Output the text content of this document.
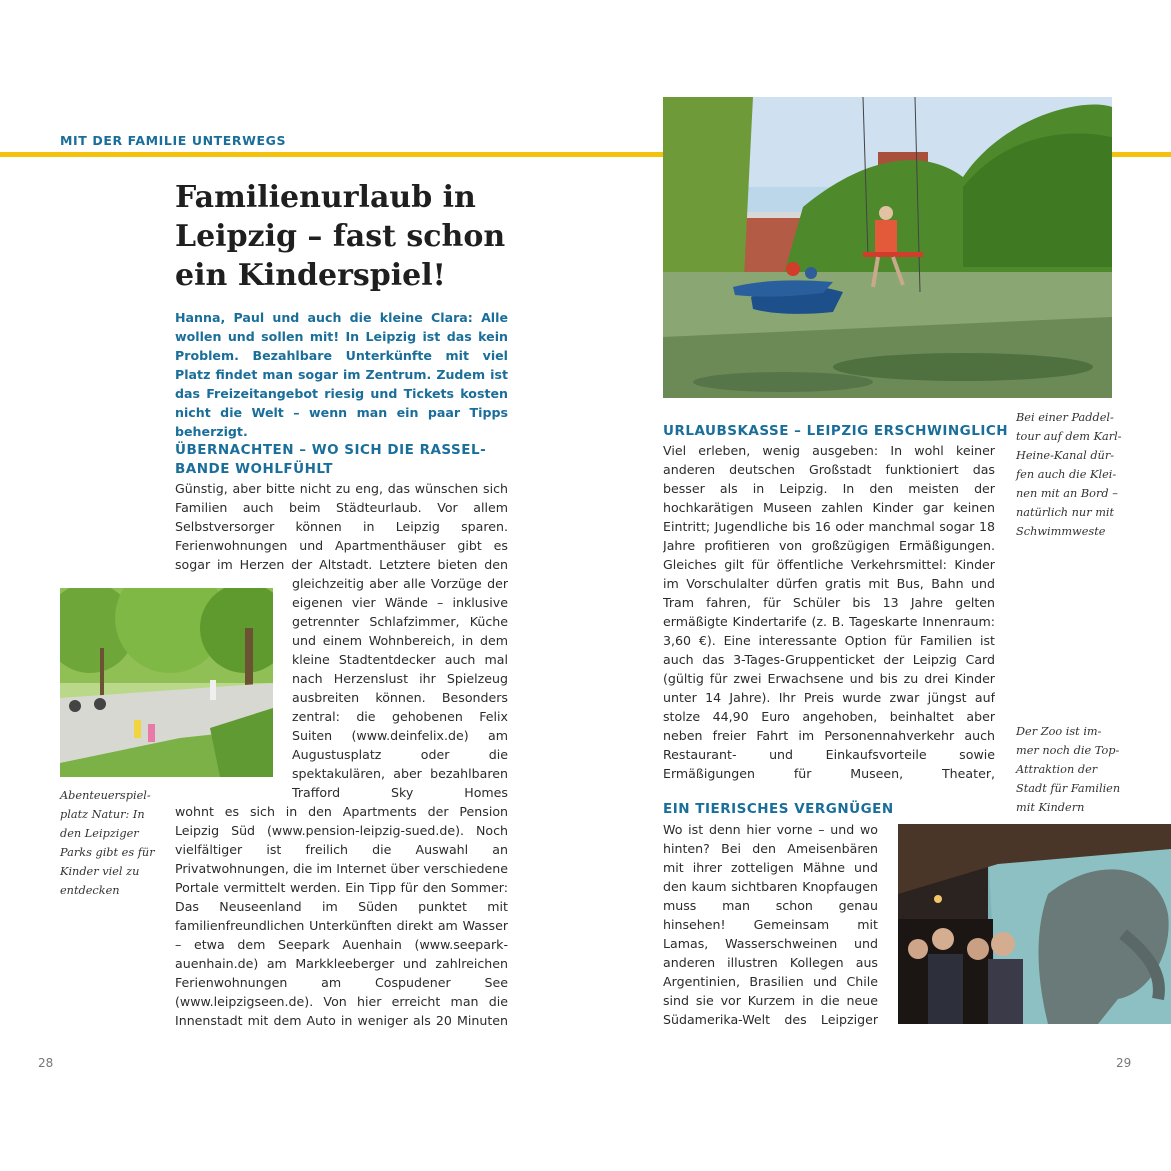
MIT DER FAMILIE UNTERWEGS
Familienurlaub in
Leipzig – fast schon
ein Kinderspiel!
Hanna, Paul und auch die kleine Clara: Alle wollen und sollen mit! In Leipzig ist das kein Problem. Bezahlbare Unterkünfte mit viel Platz findet man sogar im Zentrum. Zudem ist das Freizeitangebot riesig und Tickets kosten nicht die Welt – wenn man ein paar Tipps beherzigt.
ÜBERNACHTEN – WO SICH DIE RASSEL-
BANDE WOHLFÜHLT
Günstig, aber bitte nicht zu eng, das wünschen sich Familien auch beim Städteurlaub. Vor allem Selbstversorger können in Leipzig sparen. Ferienwohnungen und Apartmenthäuser gibt es sogar im Herzen der Altstadt. Letztere bieten den
gleichzeitig aber alle Vorzüge der eigenen vier Wände – inklusive getrennter Schlafzimmer, Küche und einem Wohnbereich, in dem kleine Stadtentdecker auch mal nach Herzenslust ihr Spielzeug ausbreiten können. Besonders zentral: die gehobenen Felix Suiten (www.deinfelix.de) am Augustusplatz oder die spektakulären, aber bezahlbaren Trafford Sky Homes
wohnt es sich in den Apartments der Pension Leipzig Süd (www.pension-leipzig-sued.de). Noch vielfältiger ist freilich die Auswahl an Privatwohnungen, die im Internet über verschiedene Portale vermittelt werden. Ein Tipp für den Sommer: Das Neuseenland im Süden punktet mit familienfreundlichen Unterkünften direkt am Wasser – etwa dem Seepark Auenhain (www.seepark-auenhain.de) am Markkleeberger und zahlreichen Ferienwohnungen am Cospudener See (www.leipzigseen.de). Von hier erreicht man die Innenstadt mit dem Auto in weniger als 20 Minuten
Abenteuerspiel-
platz Natur: In
den Leipziger
Parks gibt es für
Kinder viel zu
entdecken
28
Bei einer Paddel-
tour auf dem Karl-
Heine-Kanal dür-
fen auch die Klei-
nen mit an Bord –
natürlich nur mit
Schwimmweste
URLAUBSKASSE – LEIPZIG ERSCHWINGLICH
Viel erleben, wenig ausgeben: In wohl keiner anderen deutschen Großstadt funktioniert das besser als in Leipzig. In den meisten der hochkarätigen Museen zahlen Kinder gar keinen Eintritt; Jugendliche bis 16 oder manchmal sogar 18 Jahre profitieren von großzügigen Ermäßigungen. Gleiches gilt für öffentliche Verkehrsmittel: Kinder im Vorschulalter dürfen gratis mit Bus, Bahn und Tram fahren, für Schüler bis 13 Jahre gelten ermäßigte Kindertarife (z. B. Tageskarte Innenraum: 3,60 €). Eine interessante Option für Familien ist auch das 3-Tages-Gruppenticket der Leipzig Card (gültig für zwei Erwachsene und bis zu drei Kinder unter 14 Jahre). Ihr Preis wurde zwar jüngst auf stolze 44,90 Euro angehoben, beinhaltet aber neben freier Fahrt im Personennahverkehr auch Restaurant- und Einkaufsvorteile sowie Ermäßigungen für Museen, Theater,
Der Zoo ist im-
mer noch die Top-
Attraktion der
Stadt für Familien
mit Kindern
EIN TIERISCHES VERGNÜGEN
Wo ist denn hier vorne – und wo hinten? Bei den Ameisenbären mit ihrer zotteligen Mähne und den kaum sichtbaren Knopfaugen muss man schon genau hinsehen! Gemeinsam mit Lamas, Wasserschweinen und anderen illustren Kollegen aus Argentinien, Brasilien und Chile sind sie vor Kurzem in die neue Südamerika-Welt des Leipziger
29
